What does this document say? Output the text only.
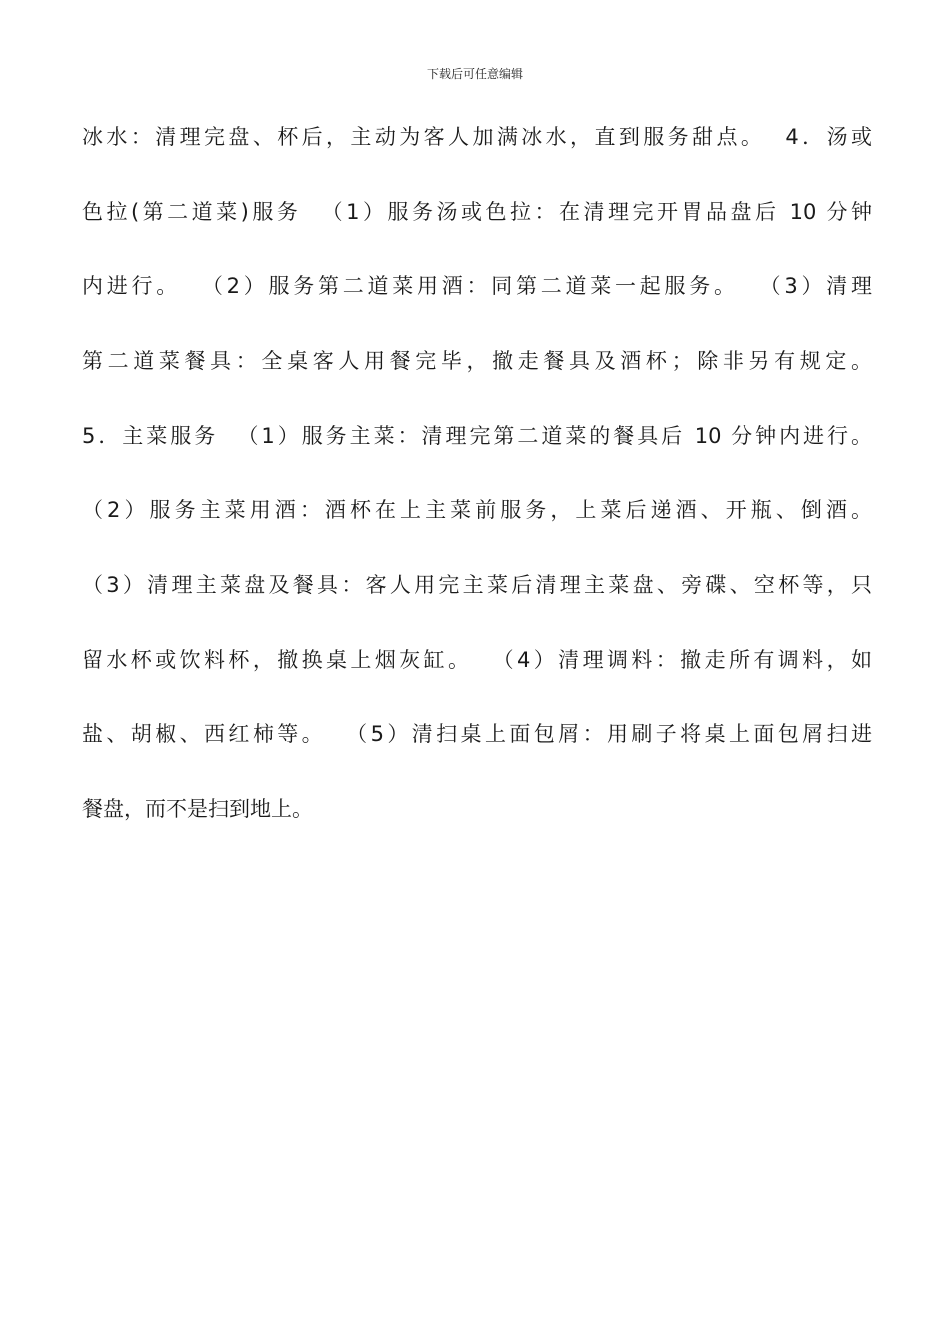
下载后可任意编辑
冰水：清理完盘、杯后，主动为客人加满冰水，直到服务甜点。  4．汤或
色拉(第二道菜)服务  （1）服务汤或色拉：在清理完开胃品盘后 10 分钟
内进行。  （2）服务第二道菜用酒：同第二道菜一起服务。  （3）清理
第二道菜餐具：全桌客人用餐完毕，撤走餐具及酒杯；除非另有规定。
5．主菜服务  （1）服务主菜：清理完第二道菜的餐具后 10 分钟内进行。
（2）服务主菜用酒：酒杯在上主菜前服务，上菜后递酒、开瓶、倒酒。
（3）清理主菜盘及餐具：客人用完主菜后清理主菜盘、旁碟、空杯等，只
留水杯或饮料杯，撤换桌上烟灰缸。  （4）清理调料：撤走所有调料，如
盐、胡椒、西红柿等。  （5）清扫桌上面包屑：用刷子将桌上面包屑扫进
餐盘，而不是扫到地上。
